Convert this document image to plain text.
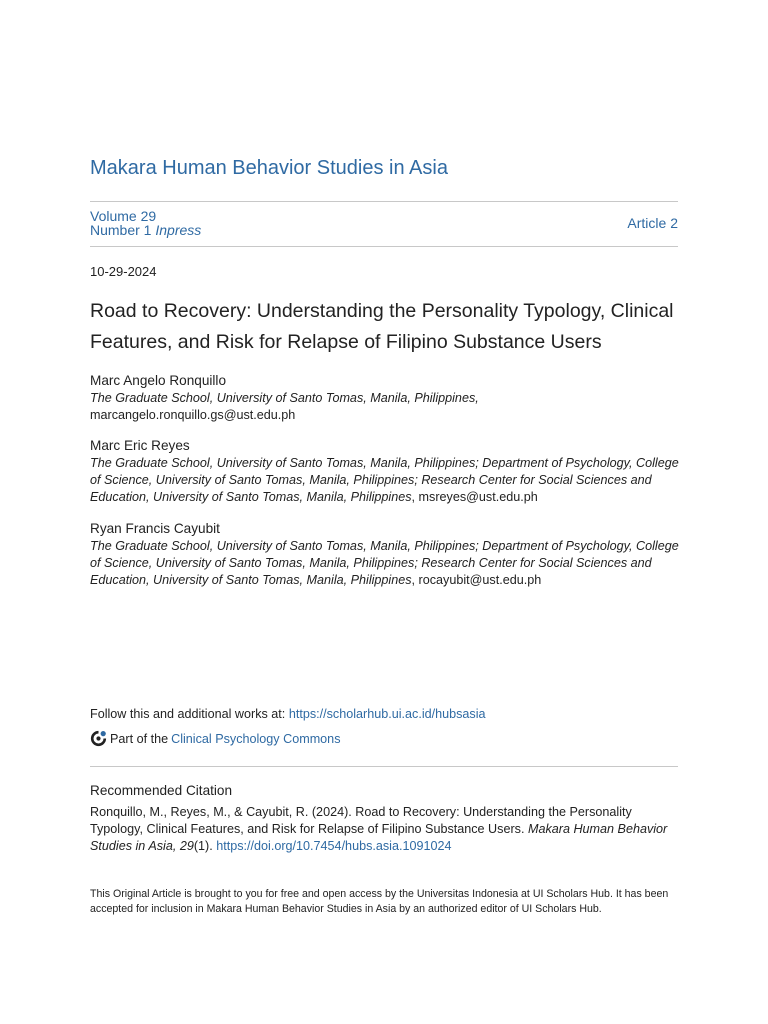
Makara Human Behavior Studies in Asia
Volume 29
Number 1 Inpress	Article 2
10-29-2024
Road to Recovery: Understanding the Personality Typology, Clinical Features, and Risk for Relapse of Filipino Substance Users
Marc Angelo Ronquillo
The Graduate School, University of Santo Tomas, Manila, Philippines,
marcangelo.ronquillo.gs@ust.edu.ph
Marc Eric Reyes
The Graduate School, University of Santo Tomas, Manila, Philippines; Department of Psychology, College of Science, University of Santo Tomas, Manila, Philippines; Research Center for Social Sciences and Education, University of Santo Tomas, Manila, Philippines, msreyes@ust.edu.ph
Ryan Francis Cayubit
The Graduate School, University of Santo Tomas, Manila, Philippines; Department of Psychology, College of Science, University of Santo Tomas, Manila, Philippines; Research Center for Social Sciences and Education, University of Santo Tomas, Manila, Philippines, rocayubit@ust.edu.ph
Follow this and additional works at: https://scholarhub.ui.ac.id/hubsasia
Part of the Clinical Psychology Commons
Recommended Citation
Ronquillo, M., Reyes, M., & Cayubit, R. (2024). Road to Recovery: Understanding the Personality Typology, Clinical Features, and Risk for Relapse of Filipino Substance Users. Makara Human Behavior Studies in Asia, 29(1). https://doi.org/10.7454/hubs.asia.1091024
This Original Article is brought to you for free and open access by the Universitas Indonesia at UI Scholars Hub. It has been accepted for inclusion in Makara Human Behavior Studies in Asia by an authorized editor of UI Scholars Hub.
